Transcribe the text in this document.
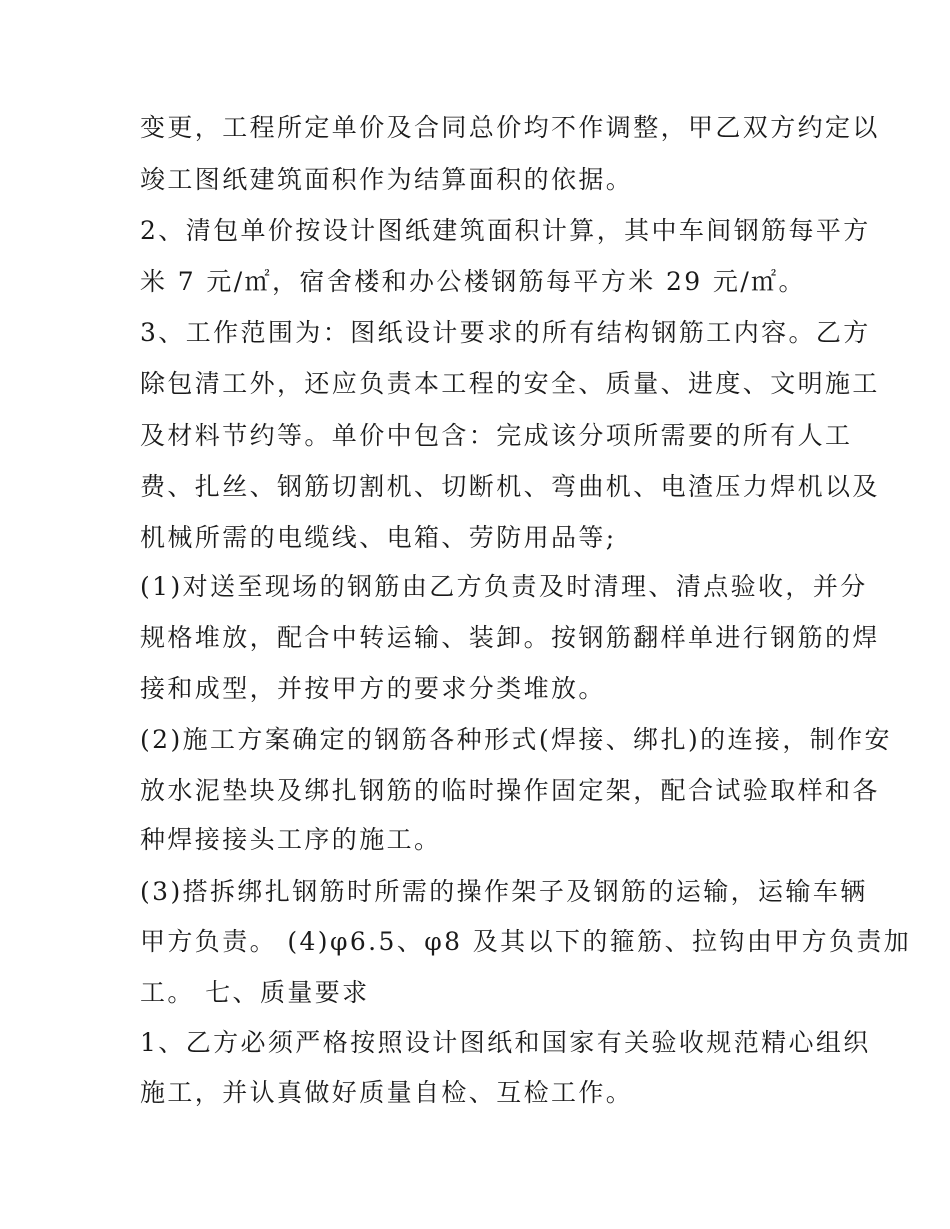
变更，工程所定单价及合同总价均不作调整，甲乙双方约定以
竣工图纸建筑面积作为结算面积的依据。
2、清包单价按设计图纸建筑面积计算，其中车间钢筋每平方
米 7 元/㎡，宿舍楼和办公楼钢筋每平方米 29 元/㎡。
3、工作范围为：图纸设计要求的所有结构钢筋工内容。乙方
除包清工外，还应负责本工程的安全、质量、进度、文明施工
及材料节约等。单价中包含：完成该分项所需要的所有人工
费、扎丝、钢筋切割机、切断机、弯曲机、电渣压力焊机以及
机械所需的电缆线、电箱、劳防用品等;
(1)对送至现场的钢筋由乙方负责及时清理、清点验收，并分
规格堆放，配合中转运输、装卸。按钢筋翻样单进行钢筋的焊
接和成型，并按甲方的要求分类堆放。
(2)施工方案确定的钢筋各种形式(焊接、绑扎)的连接，制作安
放水泥垫块及绑扎钢筋的临时操作固定架，配合试验取样和各
种焊接接头工序的施工。
(3)搭拆绑扎钢筋时所需的操作架子及钢筋的运输，运输车辆
甲方负责。 (4)φ6.5、φ8 及其以下的箍筋、拉钩由甲方负责加
工。 七、质量要求
1、乙方必须严格按照设计图纸和国家有关验收规范精心组织
施工，并认真做好质量自检、互检工作。
